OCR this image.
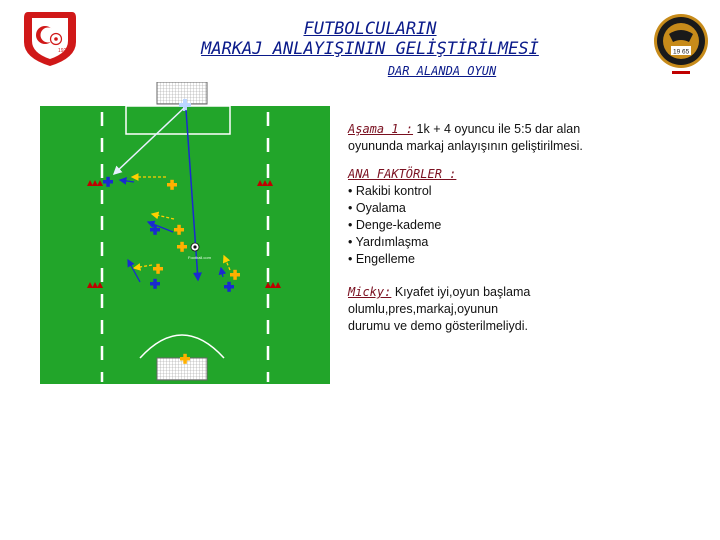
1923
FUTBOLCULARIN
MARKAJ ANLAYIŞININ GELİŞTİRİLMESİ
DAR ALANDA OYUN
19 65
Football.com
Aşama 1 : 1k + 4 oyuncu ile 5:5 dar alan
oyununda markaj anlayışının geliştirilmesi.
ANA FAKTÖRLER :
• Rakibi kontrol
• Oyalama
• Denge-kademe
• Yardımlaşma
• Engelleme
Micky: Kıyafet iyi,oyun başlama
olumlu,pres,markaj,oyunun
durumu ve demo gösterilmeliydi.
